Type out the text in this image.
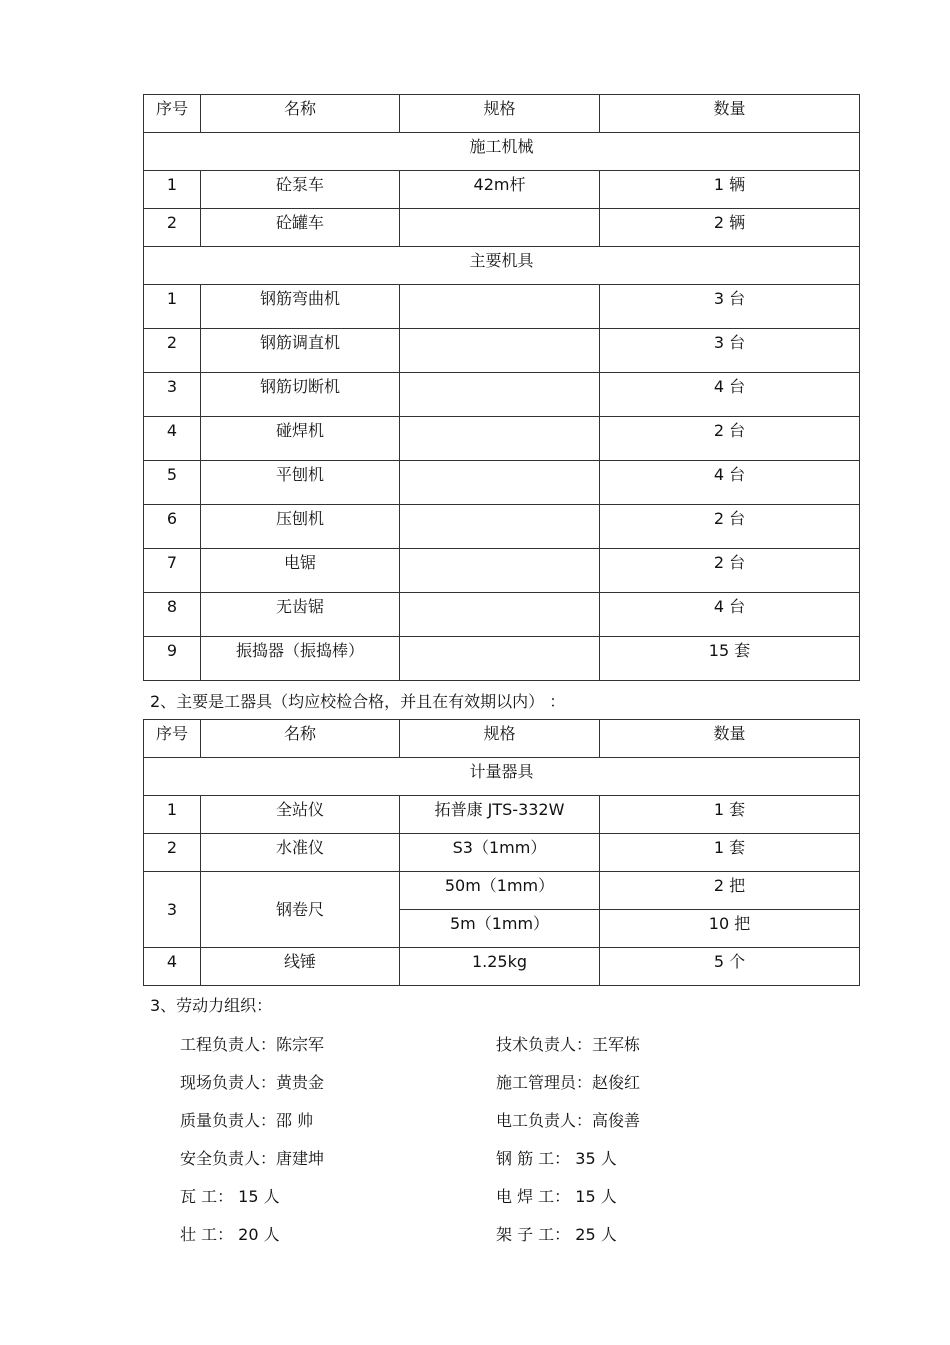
序号	名称	规格	数量
施工机械			
1	砼泵车	42m杆	1 辆
2	砼罐车		2 辆
主要机具			
1	钢筋弯曲机		3 台
2	钢筋调直机		3 台
3	钢筋切断机		4 台
4	碰焊机		2 台
5	平刨机		4 台
6	压刨机		2 台
7	电锯		2 台
8	无齿锯		4 台
9	振捣器（振捣棒）		15 套
2、主要是工器具（均应校检合格，并且在有效期以内） ：
序号	名称	规格	数量
计量器具			
1	全站仪	拓普康 JTS-332W	1 套
2	水准仪	S3（1mm）	1 套
3	钢卷尺	50m（1mm）	2 把
		5m（1mm）	10 把
4	线锤	1.25kg	5 个
3、劳动力组织：
工程负责人：陈宗军	技术负责人：王军栋
现场负责人：黄贵金	施工管理员：赵俊红
质量负责人：邵 帅	电工负责人：高俊善
安全负责人：唐建坤	钢 筋 工： 35 人
瓦 工： 15 人	电 焊 工： 15 人
壮 工： 20 人	架 子 工： 25 人
